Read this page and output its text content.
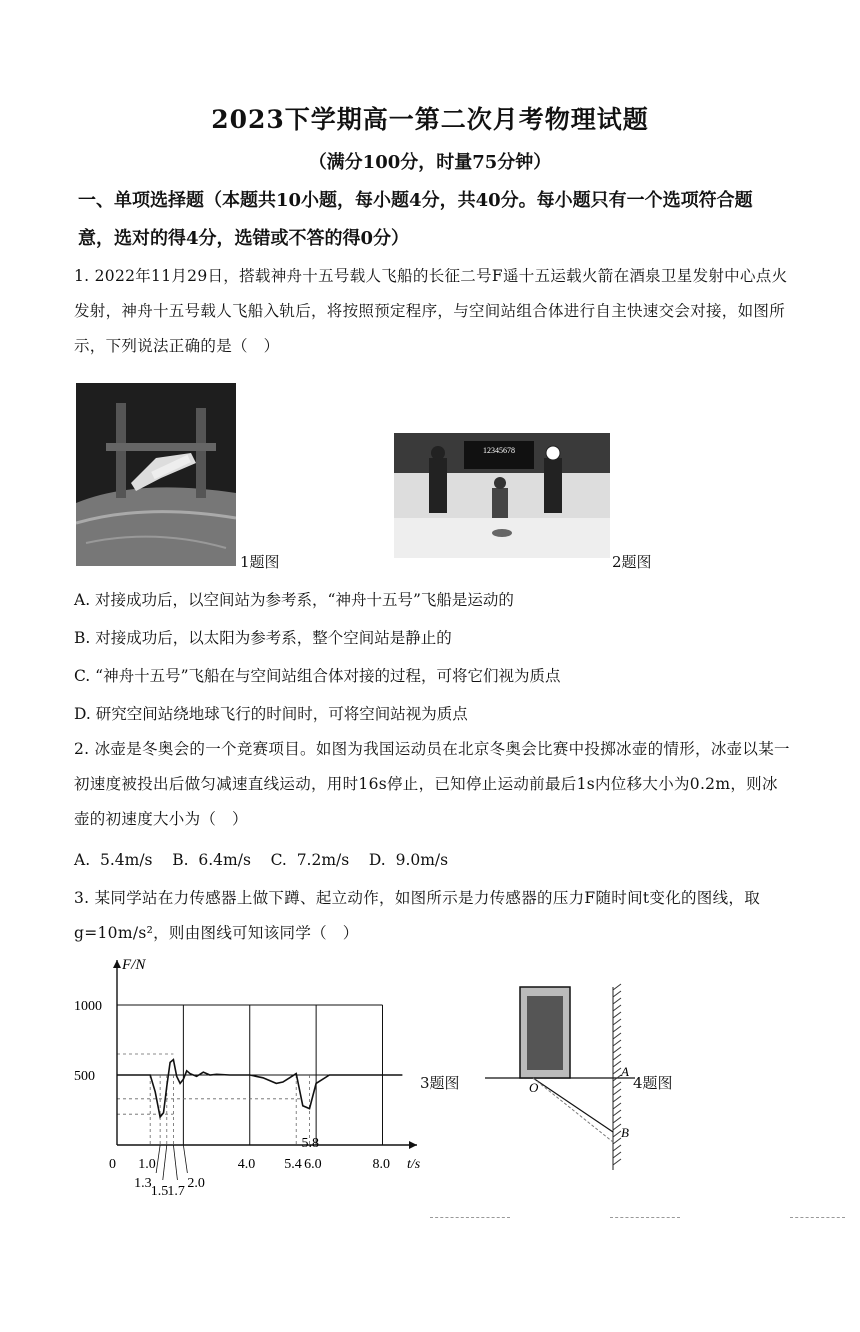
2023下学期高一第二次月考物理试题
（满分100分，时量75分钟）
一、单项选择题（本题共10小题，每小题4分，共40分。每小题只有一个选项符合题意，选对的得4分，选错或不答的得0分）
1. 2022年11月29日，搭载神舟十五号载人飞船的长征二号F遥十五运载火箭在酒泉卫星发射中心点火发射，神舟十五号载人飞船入轨后，将按照预定程序，与空间站组合体进行自主快速交会对接，如图所示，下列说法正确的是（　）
1题图
12345678
2题图
A. 对接成功后，以空间站为参考系，“神舟十五号”飞船是运动的
B. 对接成功后，以太阳为参考系，整个空间站是静止的
C. “神舟十五号”飞船在与空间站组合体对接的过程，可将它们视为质点
D. 研究空间站绕地球飞行的时间时，可将空间站视为质点
2. 冰壶是冬奥会的一个竞赛项目。如图为我国运动员在北京冬奥会比赛中投掷冰壶的情形，冰壶以某一初速度被投出后做匀减速直线运动，用时16s停止，已知停止运动前最后1s内位移大小为0.2m，则冰壶的初速度大小为（　）
A.  5.4m/s    B.  6.4m/s    C.  7.2m/s    D.  9.0m/s
3. 某同学站在力传感器上做下蹲、起立动作，如图所示是力传感器的压力F随时间t变化的图线，取g=10m/s²，则由图线可知该同学（　）
1000
500
0 1.0
1.3
1.5 1.7
2.0
4.0 5.4
5.8
6.0	8.0
F/N
t/s
3题图	O
A
B
4题图
